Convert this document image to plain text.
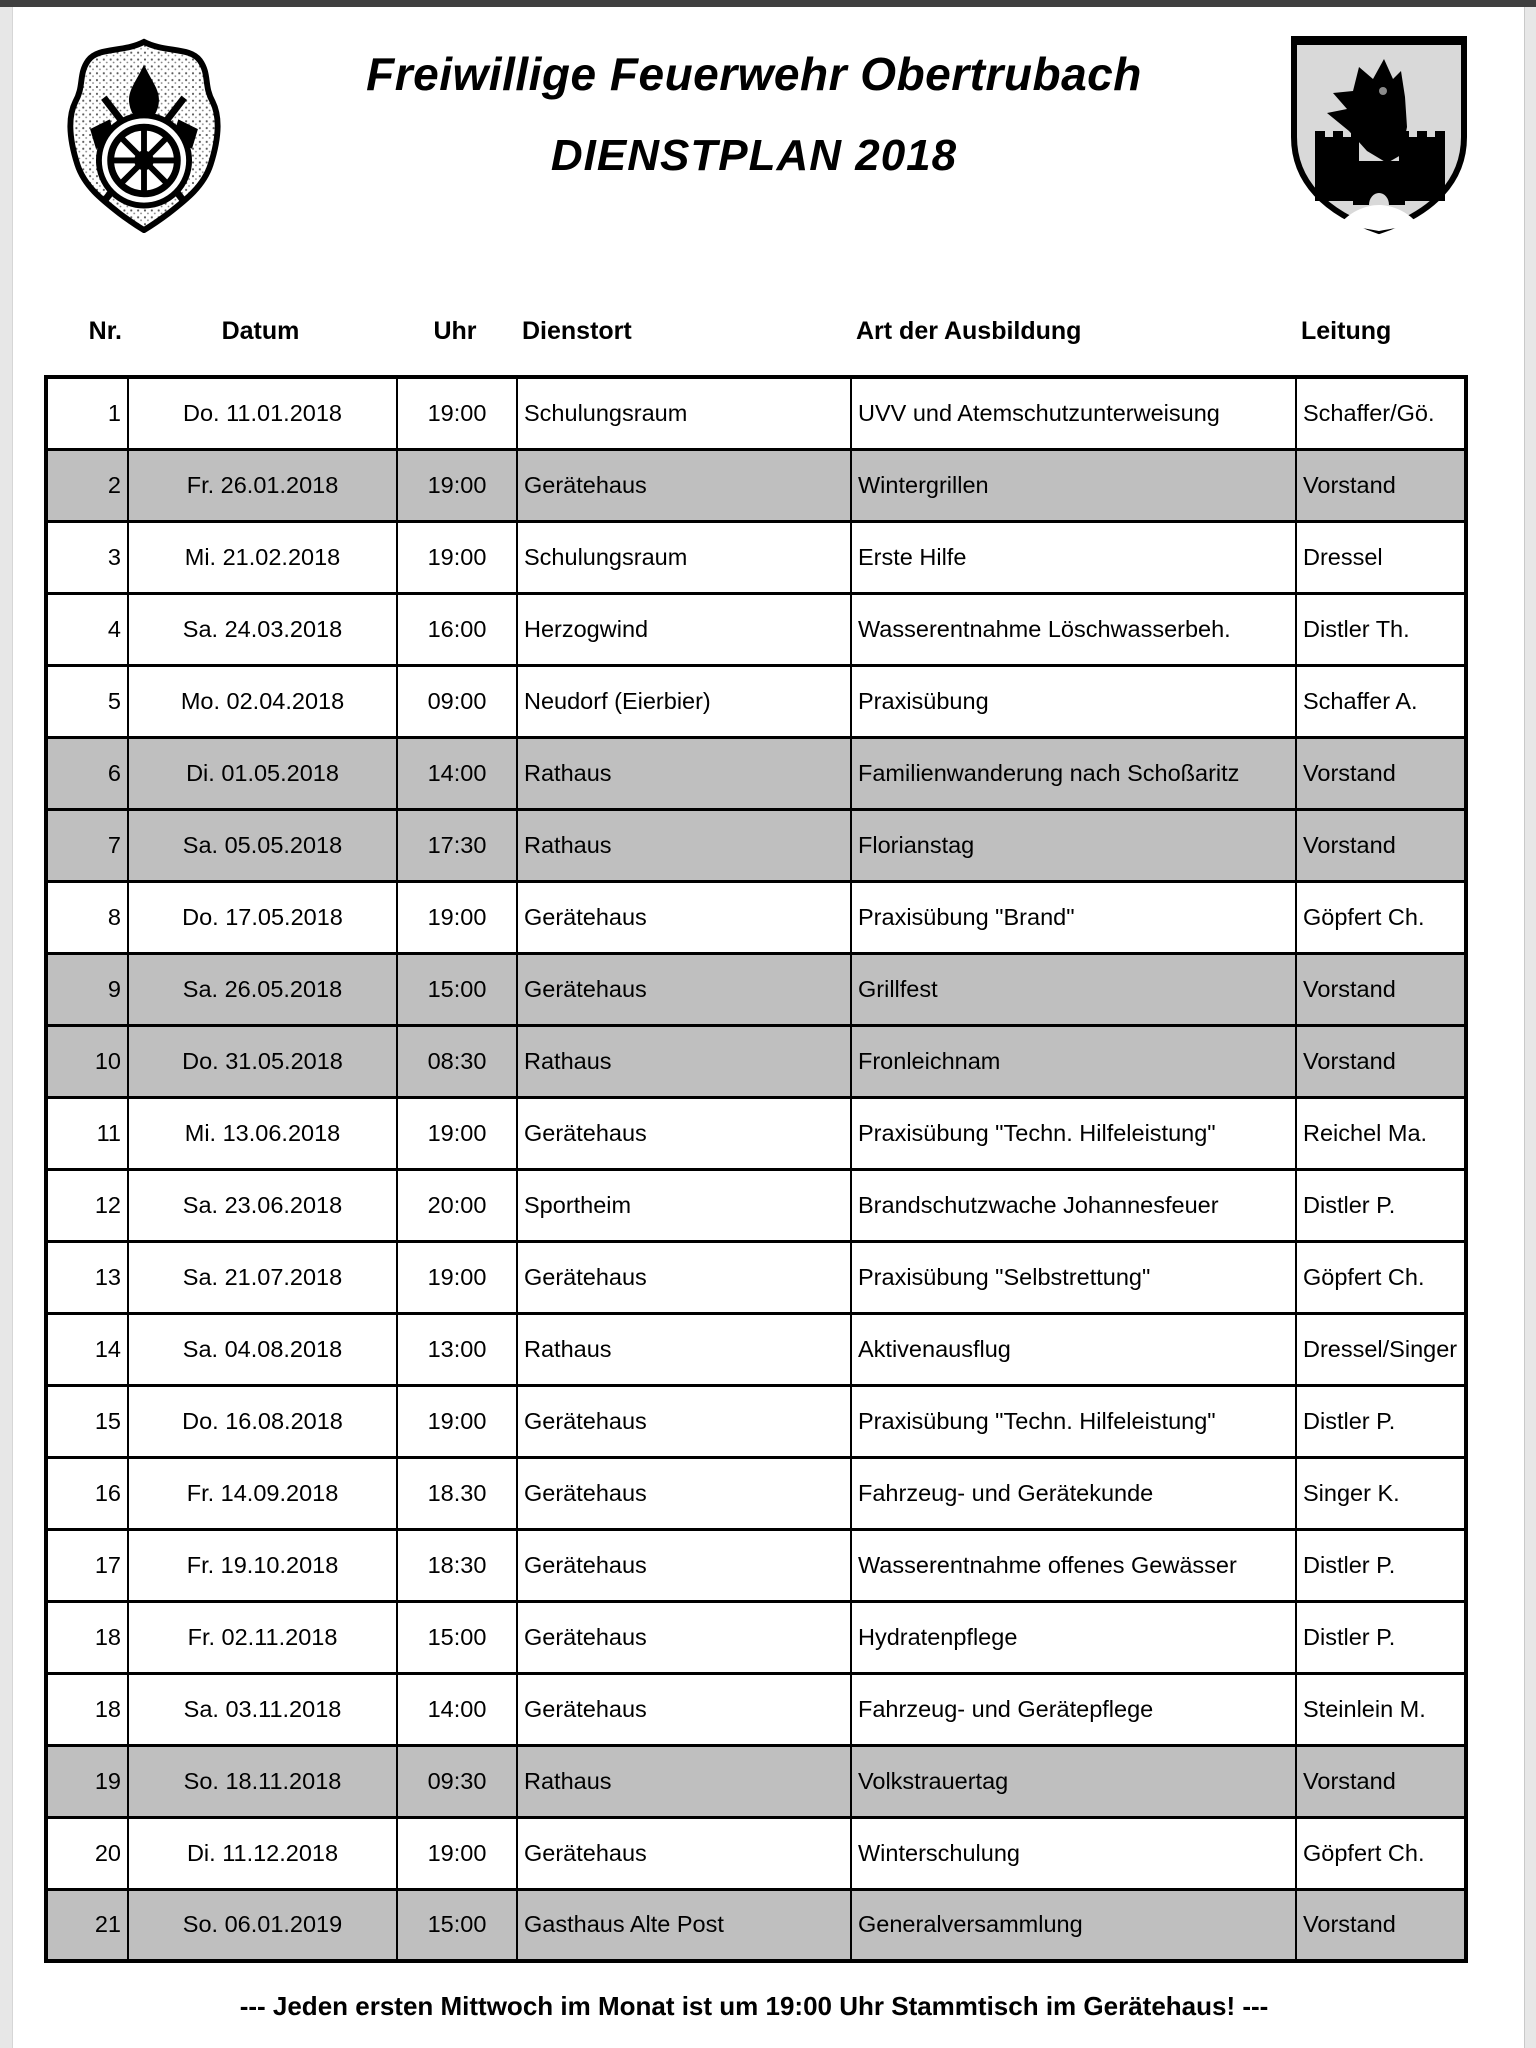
Freiwillige Feuerwehr Obertrubach
DIENSTPLAN 2018
Nr.	Datum	Uhr	Dienstort	Art der Ausbildung	Leitung
1	Do. 11.01.2018	19:00	Schulungsraum	UVV und Atemschutzunterweisung	Schaffer/Gö.
2	Fr. 26.01.2018	19:00	Gerätehaus	Wintergrillen	Vorstand
3	Mi. 21.02.2018	19:00	Schulungsraum	Erste Hilfe	Dressel
4	Sa. 24.03.2018	16:00	Herzogwind	Wasserentnahme Löschwasserbeh.	Distler Th.
5	Mo. 02.04.2018	09:00	Neudorf (Eierbier)	Praxisübung	Schaffer A.
6	Di. 01.05.2018	14:00	Rathaus	Familienwanderung nach Schoßaritz	Vorstand
7	Sa. 05.05.2018	17:30	Rathaus	Florianstag	Vorstand
8	Do. 17.05.2018	19:00	Gerätehaus	Praxisübung "Brand"	Göpfert Ch.
9	Sa. 26.05.2018	15:00	Gerätehaus	Grillfest	Vorstand
10	Do. 31.05.2018	08:30	Rathaus	Fronleichnam	Vorstand
11	Mi. 13.06.2018	19:00	Gerätehaus	Praxisübung "Techn. Hilfeleistung"	Reichel Ma.
12	Sa. 23.06.2018	20:00	Sportheim	Brandschutzwache Johannesfeuer	Distler P.
13	Sa. 21.07.2018	19:00	Gerätehaus	Praxisübung "Selbstrettung"	Göpfert Ch.
14	Sa. 04.08.2018	13:00	Rathaus	Aktivenausflug	Dressel/Singer
15	Do. 16.08.2018	19:00	Gerätehaus	Praxisübung "Techn. Hilfeleistung"	Distler P.
16	Fr. 14.09.2018	18.30	Gerätehaus	Fahrzeug- und Gerätekunde	Singer K.
17	Fr. 19.10.2018	18:30	Gerätehaus	Wasserentnahme offenes Gewässer	Distler P.
18	Fr. 02.11.2018	15:00	Gerätehaus	Hydratenpflege	Distler P.
18	Sa. 03.11.2018	14:00	Gerätehaus	Fahrzeug- und Gerätepflege	Steinlein M.
19	So. 18.11.2018	09:30	Rathaus	Volkstrauertag	Vorstand
20	Di. 11.12.2018	19:00	Gerätehaus	Winterschulung	Göpfert Ch.
21	So. 06.01.2019	15:00	Gasthaus Alte Post	Generalversammlung	Vorstand
--- Jeden ersten Mittwoch im Monat ist um 19:00 Uhr Stammtisch im Gerätehaus! ---
